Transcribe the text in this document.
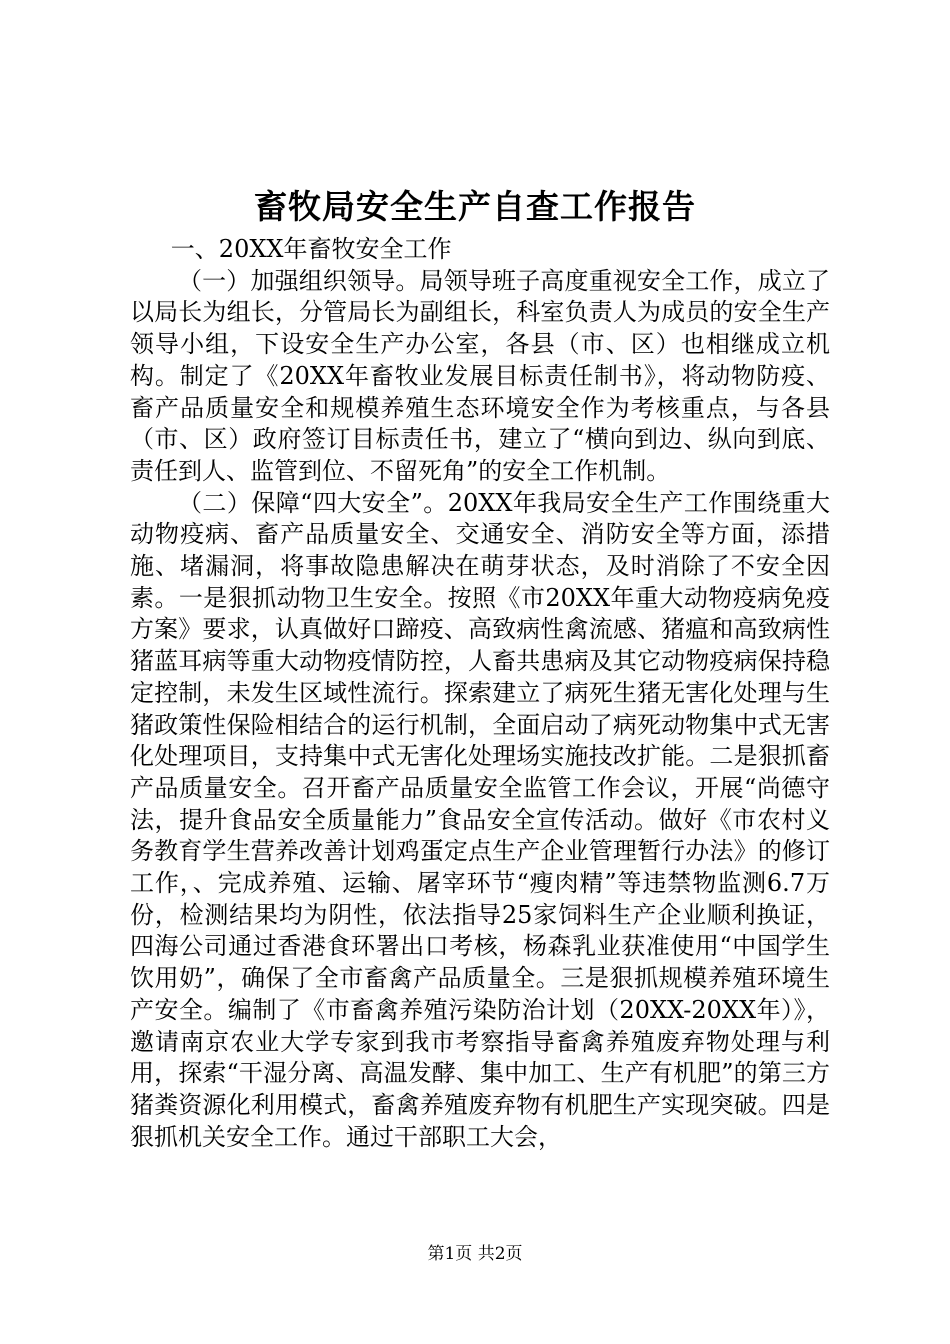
畜牧局安全生产自查工作报告

一、20XX年畜牧安全工作

（一）加强组织领导。局领导班子高度重视安全工作，成立了以局长为组长，分管局长为副组长，科室负责人为成员的安全生产领导小组，下设安全生产办公室，各县（市、区）也相继成立机构。制定了《20XX年畜牧业发展目标责任制书》，将动物防疫、畜产品质量安全和规模养殖生态环境安全作为考核重点，与各县（市、区）政府签订目标责任书，建立了“横向到边、纵向到底、责任到人、监管到位、不留死角”的安全工作机制。

（二）保障“四大安全”。20XX年我局安全生产工作围绕重大动物疫病、畜产品质量安全、交通安全、消防安全等方面，添措施、堵漏洞，将事故隐患解决在萌芽状态，及时消除了不安全因素。一是狠抓动物卫生安全。按照《市20XX年重大动物疫病免疫方案》要求，认真做好口蹄疫、高致病性禽流感、猪瘟和高致病性猪蓝耳病等重大动物疫情防控，人畜共患病及其它动物疫病保持稳定控制，未发生区域性流行。探索建立了病死生猪无害化处理与生猪政策性保险相结合的运行机制，全面启动了病死动物集中式无害化处理项目，支持集中式无害化处理场实施技改扩能。二是狠抓畜产品质量安全。召开畜产品质量安全监管工作会议，开展“尚德守法，提升食品安全质量能力”食品安全宣传活动。做好《市农村义务教育学生营养改善计划鸡蛋定点生产企业管理暂行办法》的修订工作，、完成养殖、运输、屠宰环节“瘦肉精”等违禁物监测6.7万份，检测结果均为阴性，依法指导25家饲料生产企业顺利换证，四海公司通过香港食环署出口考核，杨森乳业获准使用“中国学生饮用奶”，确保了全市畜禽产品质量全。三是狠抓规模养殖环境生产安全。编制了《市畜禽养殖污染防治计划（20XX-20XX年）》，邀请南京农业大学专家到我市考察指导畜禽养殖废弃物处理与利用，探索“干湿分离、高温发酵、集中加工、生产有机肥”的第三方猪粪资源化利用模式，畜禽养殖废弃物有机肥生产实现突破。四是狠抓机关安全工作。通过干部职工大会，

第1页 共2页
